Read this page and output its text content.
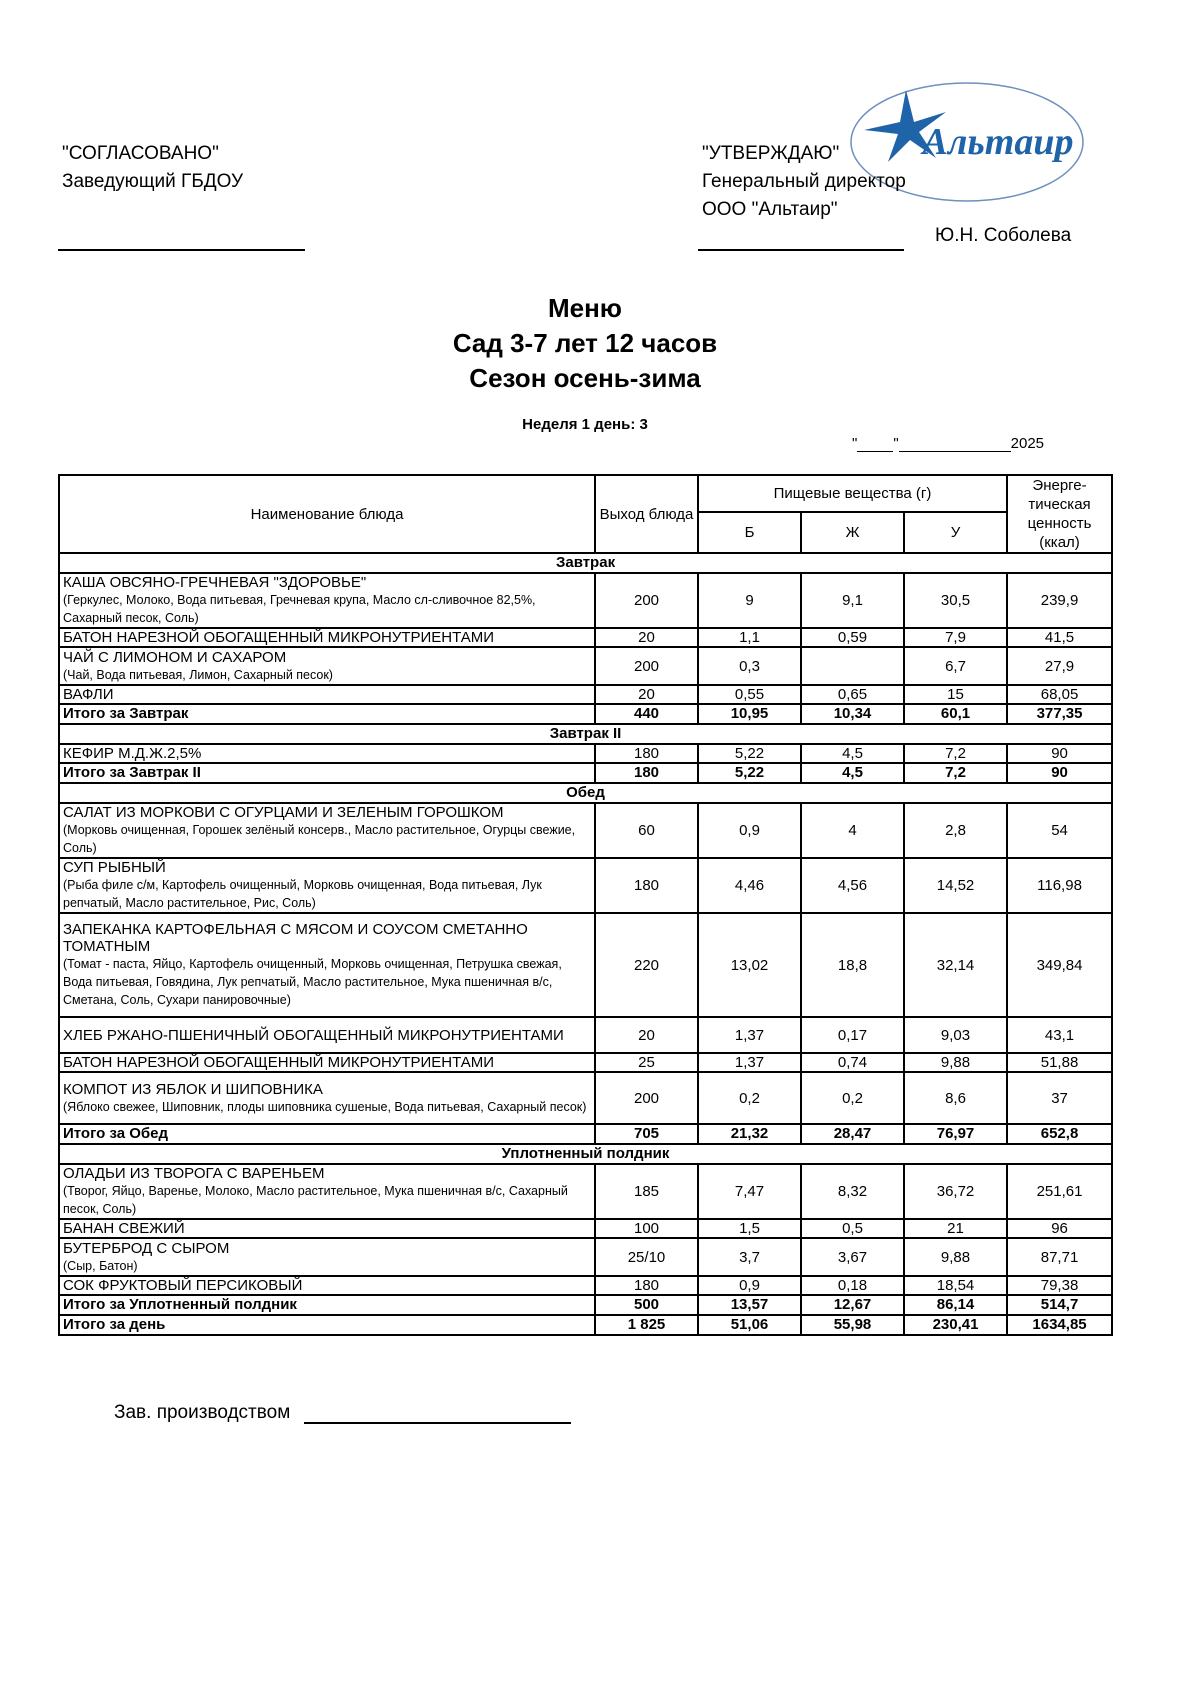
"СОГЛАСОВАНО"
Заведующий ГБДОУ
Альтаир
"УТВЕРЖДАЮ"
Генеральный директор
ООО "Альтаир"
Ю.Н. Соболева
Меню
Сад 3-7 лет 12 часов
Сезон осень-зима
Неделя 1 день: 3
" "	2025
Наименование блюда	Выход блюда	Пищевые вещества (г)			Энерге-тическая ценность (ккал)
		Б	Ж	У	
Завтрак					

КАША ОВСЯНО-ГРЕЧНЕВАЯ "ЗДОРОВЬЕ"
(Геркулес, Молоко, Вода питьевая, Гречневая крупа, Масло сл-сливочное 82,5%, Сахарный песок, Соль)	200	9	9,1	30,5	239,9

БАТОН НАРЕЗНОЙ ОБОГАЩЕННЫЙ МИКРОНУТРИЕНТАМИ	20	1,1	0,59	7,9	41,5

ЧАЙ С ЛИМОНОМ И САХАРОМ
(Чай, Вода питьевая, Лимон, Сахарный песок)	200	0,3		6,7	27,9

ВАФЛИ	20	0,55	0,65	15	68,05
Итого за Завтрак	440	10,95	10,34	60,1	377,35
Завтрак II					

КЕФИР М.Д.Ж.2,5%	180	5,22	4,5	7,2	90
Итого за Завтрак II	180	5,22	4,5	7,2	90
Обед					

САЛАТ ИЗ МОРКОВИ С ОГУРЦАМИ И ЗЕЛЕНЫМ ГОРОШКОМ
(Морковь очищенная, Горошек зелёный консерв., Масло растительное, Огурцы свежие, Соль)	60	0,9	4	2,8	54

СУП РЫБНЫЙ
(Рыба филе с/м, Картофель очищенный, Морковь очищенная, Вода питьевая, Лук репчатый, Масло растительное, Рис, Соль)	180	4,46	4,56	14,52	116,98

ЗАПЕКАНКА КАРТОФЕЛЬНАЯ С МЯСОМ И СОУСОМ СМЕТАННО ТОМАТНЫМ
(Томат - паста, Яйцо, Картофель очищенный, Морковь очищенная, Петрушка свежая, Вода питьевая, Говядина, Лук репчатый, Масло растительное, Мука пшеничная в/с, Сметана, Соль, Сухари панировочные)	220	13,02	18,8	32,14	349,84

ХЛЕБ РЖАНО-ПШЕНИЧНЫЙ ОБОГАЩЕННЫЙ МИКРОНУТРИЕНТАМИ	20	1,37	0,17	9,03	43,1

БАТОН НАРЕЗНОЙ ОБОГАЩЕННЫЙ МИКРОНУТРИЕНТАМИ	25	1,37	0,74	9,88	51,88

КОМПОТ ИЗ ЯБЛОК И ШИПОВНИКА
(Яблоко свежее, Шиповник, плоды шиповника сушеные, Вода питьевая, Сахарный песок)	200	0,2	0,2	8,6	37
Итого за Обед	705	21,32	28,47	76,97	652,8
Уплотненный полдник					

ОЛАДЬИ ИЗ ТВОРОГА С ВАРЕНЬЕМ
(Творог, Яйцо, Варенье, Молоко, Масло растительное, Мука пшеничная в/с, Сахарный песок, Соль)	185	7,47	8,32	36,72	251,61

БАНАН СВЕЖИЙ	100	1,5	0,5	21	96

БУТЕРБРОД С СЫРОМ
(Сыр, Батон)	25/10	3,7	3,67	9,88	87,71

СОК ФРУКТОВЫЙ ПЕРСИКОВЫЙ	180	0,9	0,18	18,54	79,38
Итого за Уплотненный полдник	500	13,57	12,67	86,14	514,7
Итого за день	1 825	51,06	55,98	230,41	1634,85
Зав. производством
